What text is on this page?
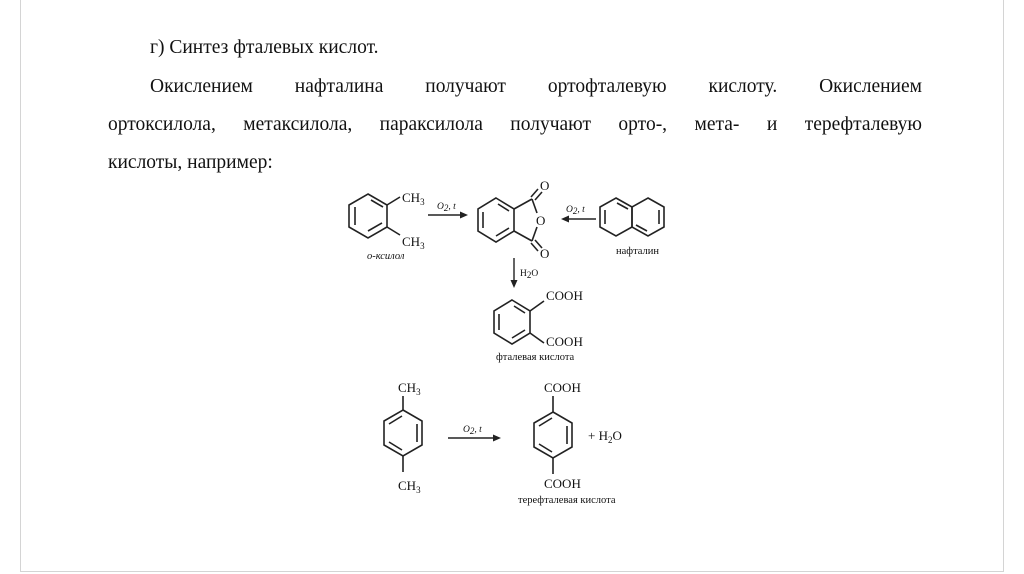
г) Синтез фталевых кислот.
Окислением нафталина получают ортофталевую кислоту. Окислением
ортоксилола, метаксилола, параксилола получают орто-, мета- и терефталевую
кислоты, например:
$CH_3$
$CH_3$
о-ксилол
O2, t
O
O
O
O2, t
нафталин
H2O
COOH
COOH
фталевая кислота
$CH_3$
$CH_3$
O2, t
COOH
COOH
терефталевая кислота
+ $H_2O$
